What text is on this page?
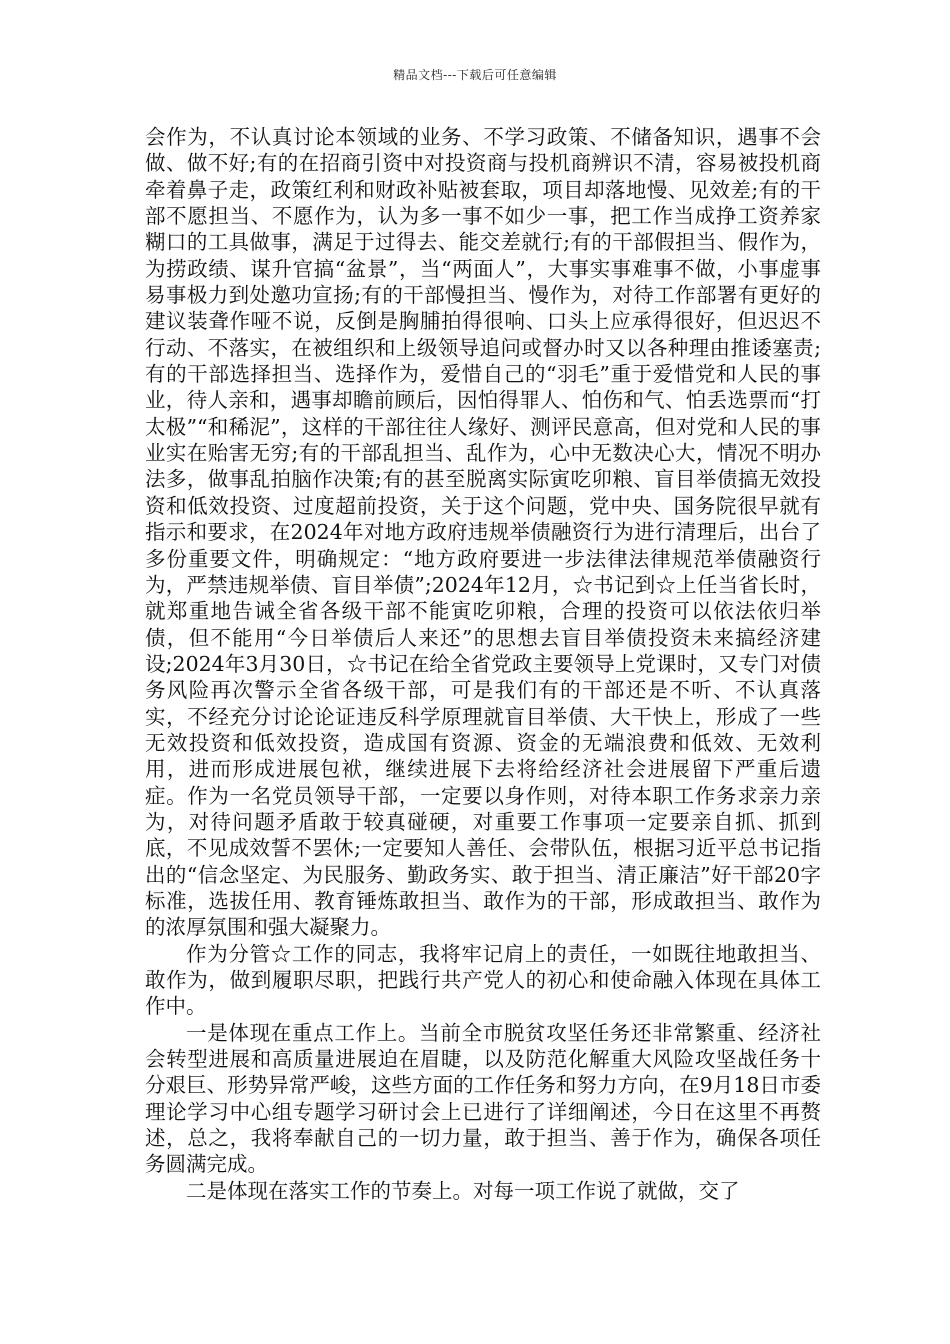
精品文档---下载后可任意编辑

会作为，不认真讨论本领域的业务、不学习政策、不储备知识，遇事不会做、做不好;有的在招商引资中对投资商与投机商辨识不清，容易被投机商牵着鼻子走，政策红利和财政补贴被套取，项目却落地慢、见效差;有的干部不愿担当、不愿作为，认为多一事不如少一事，把工作当成挣工资养家糊口的工具做事，满足于过得去、能交差就行;有的干部假担当、假作为，为捞政绩、谋升官搞“盆景”，当“两面人”，大事实事难事不做，小事虚事易事极力到处邀功宣扬;有的干部慢担当、慢作为，对待工作部署有更好的建议装聋作哑不说，反倒是胸脯拍得很响、口头上应承得很好，但迟迟不行动、不落实，在被组织和上级领导追问或督办时又以各种理由推诿塞责;有的干部选择担当、选择作为，爱惜自己的“羽毛”重于爱惜党和人民的事业，待人亲和，遇事却瞻前顾后，因怕得罪人、怕伤和气、怕丢选票而“打太极”“和稀泥”，这样的干部往往人缘好、测评民意高，但对党和人民的事业实在贻害无穷;有的干部乱担当、乱作为，心中无数决心大，情况不明办法多，做事乱拍脑作决策;有的甚至脱离实际寅吃卯粮、盲目举债搞无效投资和低效投资、过度超前投资，关于这个问题，党中央、国务院很早就有指示和要求，在2024年对地方政府违规举债融资行为进行清理后，出台了多份重要文件，明确规定：“地方政府要进一步法律法律规范举债融资行为，严禁违规举债、盲目举债”;2024年12月，☆书记到☆上任当省长时，就郑重地告诫全省各级干部不能寅吃卯粮，合理的投资可以依法依归举债，但不能用“今日举债后人来还”的思想去盲目举债投资未来搞经济建设;2024年3月30日，☆书记在给全省党政主要领导上党课时，又专门对债务风险再次警示全省各级干部，可是我们有的干部还是不听、不认真落实，不经充分讨论论证违反科学原理就盲目举债、大干快上，形成了一些无效投资和低效投资，造成国有资源、资金的无端浪费和低效、无效利用，进而形成进展包袱，继续进展下去将给经济社会进展留下严重后遗症。作为一名党员领导干部，一定要以身作则，对待本职工作务求亲力亲为，对待问题矛盾敢于较真碰硬，对重要工作事项一定要亲自抓、抓到底，不见成效誓不罢休;一定要知人善任、会带队伍，根据习近平总书记指出的“信念坚定、为民服务、勤政务实、敢于担当、清正廉洁”好干部20字标准，选拔任用、教育锤炼敢担当、敢作为的干部，形成敢担当、敢作为的浓厚氛围和强大凝聚力。

作为分管☆工作的同志，我将牢记肩上的责任，一如既往地敢担当、敢作为，做到履职尽职，把践行共产党人的初心和使命融入体现在具体工作中。

一是体现在重点工作上。当前全市脱贫攻坚任务还非常繁重、经济社会转型进展和高质量进展迫在眉睫，以及防范化解重大风险攻坚战任务十分艰巨、形势异常严峻，这些方面的工作任务和努力方向，在9月18日市委理论学习中心组专题学习研讨会上已进行了详细阐述，今日在这里不再赘述，总之，我将奉献自己的一切力量，敢于担当、善于作为，确保各项任务圆满完成。

二是体现在落实工作的节奏上。对每一项工作说了就做，交了
